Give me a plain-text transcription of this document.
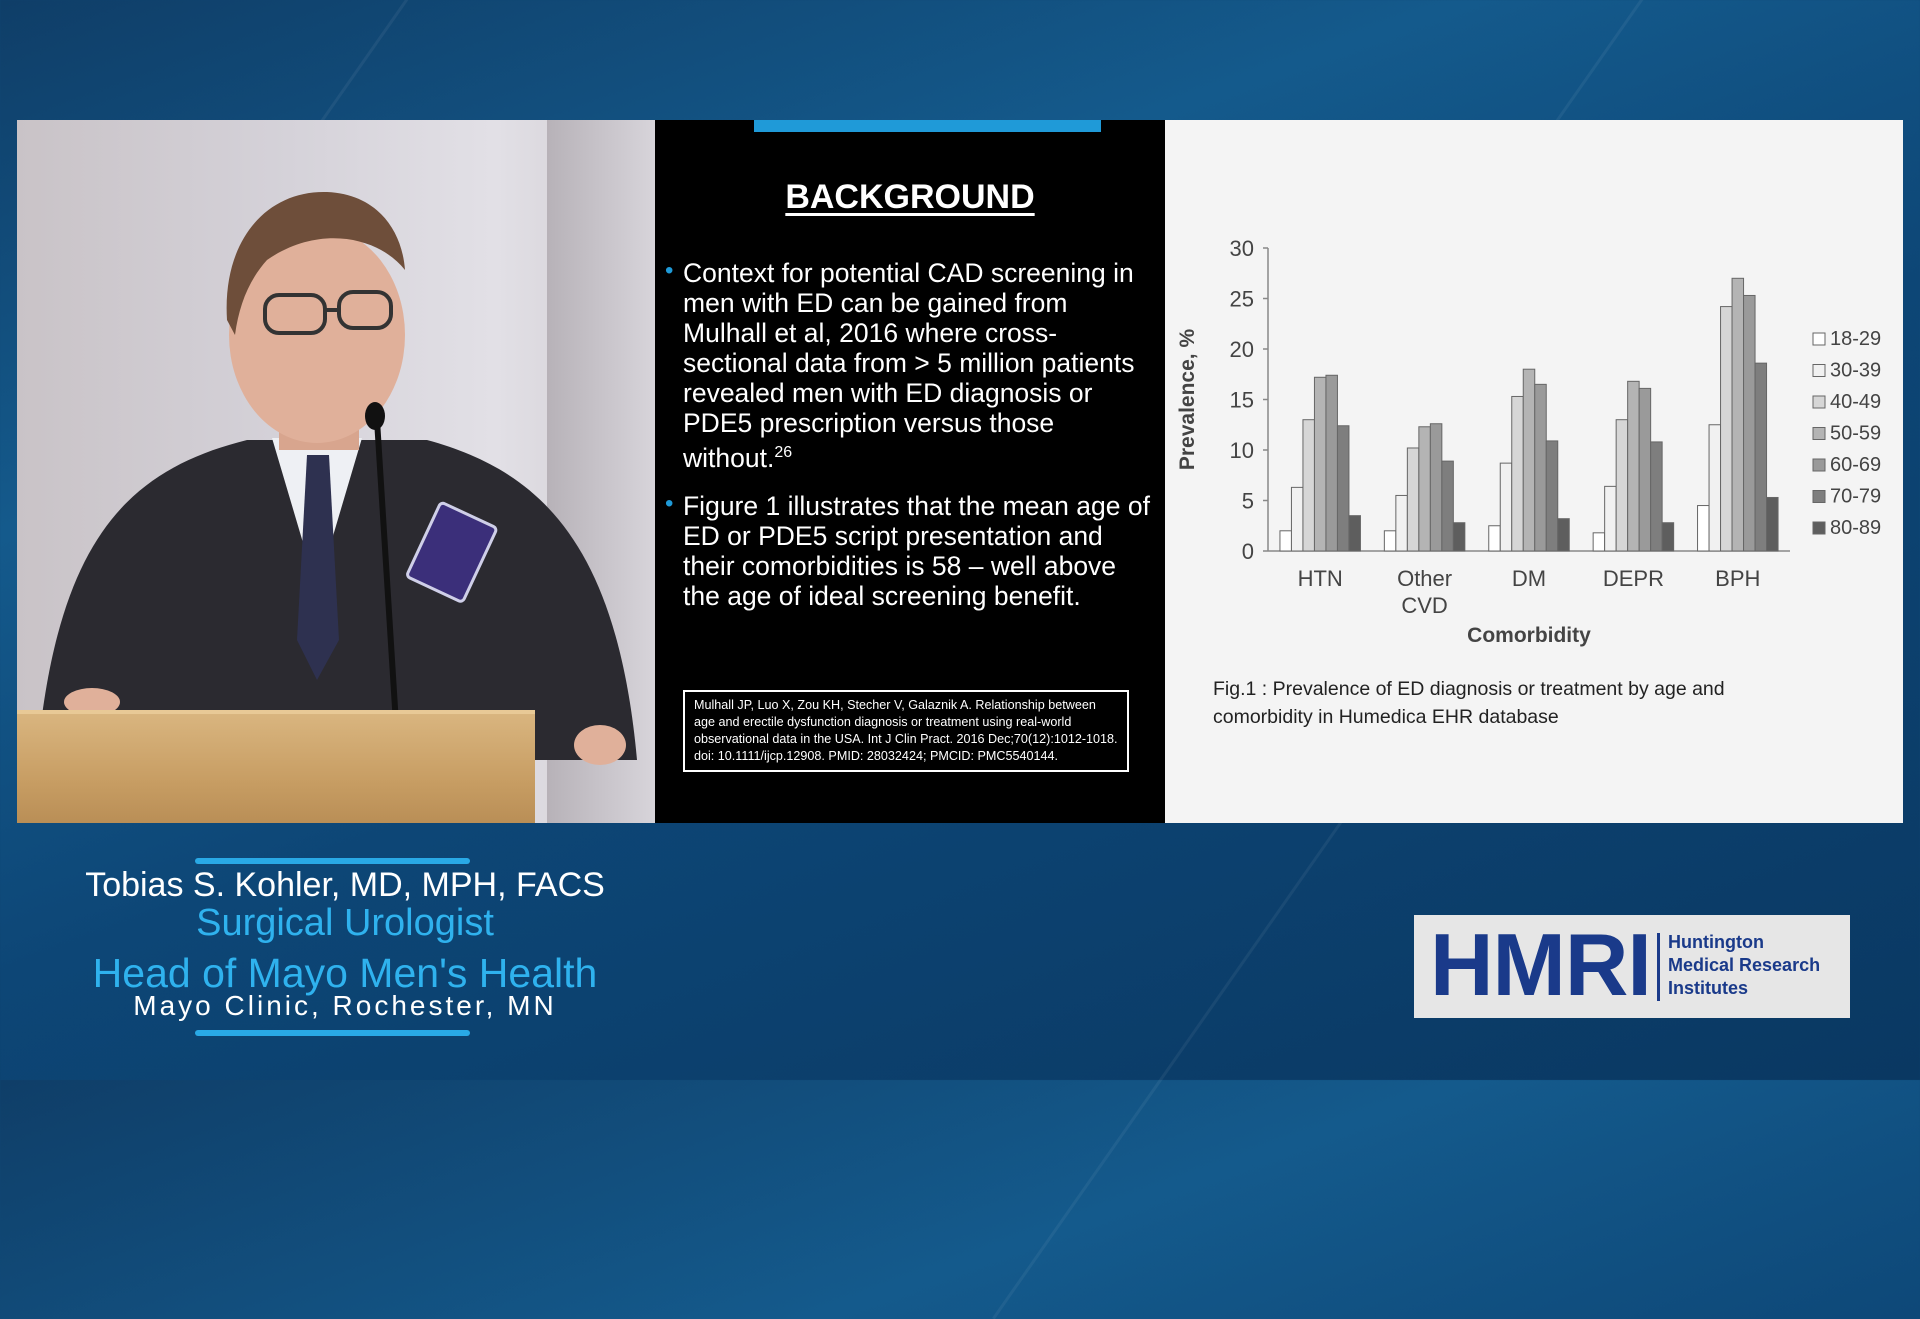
BACKGROUND
• Context for potential CAD screening in men with ED can be gained from Mulhall et al, 2016 where cross-sectional data from > 5 million patients revealed men with ED diagnosis or PDE5 prescription versus those without.$^{26}$
• Figure 1 illustrates that the mean age of ED or PDE5 script presentation and their comorbidities is 58 – well above the age of ideal screening benefit.
Mulhall JP, Luo X, Zou KH, Stecher V, Galaznik A. Relationship between age and erectile dysfunction diagnosis or treatment using real-world observational data in the USA. Int J Clin Pract. 2016 Dec;70(12):1012-1018. doi: 10.1111/ijcp.12908. PMID: 28032424; PMCID: PMC5540144.
0
5
10
15
20
25
30
Prevalence, %
HTN Other
CVD
DM	DEPR BPH
Comorbidity
18-29
30-39
40-49
50-59
60-69
70-79
80-89
Fig.1 : Prevalence of ED diagnosis or treatment by age and comorbidity in Humedica EHR database
Tobias S. Kohler, MD, MPH, FACS
Surgical Urologist
Head of Mayo Men's Health
Mayo Clinic, Rochester, MN	HMRI Huntington
Medical Research
Institutes
